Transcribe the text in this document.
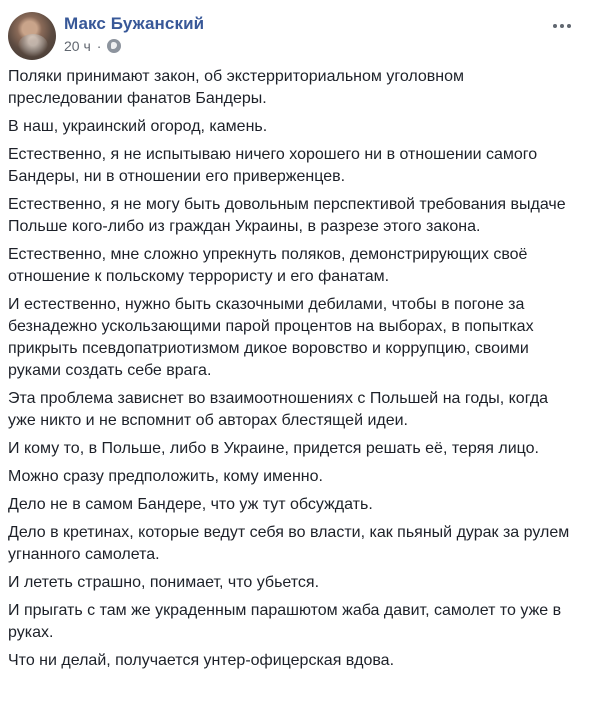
Макс Бужанский
20 ч ·

Поляки принимают закон, об экстерриториальном уголовном преследовании фанатов Бандеры.

В наш, украинский огород, камень.

Естественно, я не испытываю ничего хорошего ни в отношении самого Бандеры, ни в отношении его приверженцев.

Естественно, я не могу быть довольным перспективой требования выдаче Польше кого-либо из граждан Украины, в разрезе этого закона.

Естественно, мне сложно упрекнуть поляков, демонстрирующих своё отношение к польскому террористу и его фанатам.

И естественно, нужно быть сказочными дебилами, чтобы в погоне за безнадежно ускользающими парой процентов на выборах, в попытках прикрыть псевдопатриотизмом дикое воровство и коррупцию, своими руками создать себе врага.

Эта проблема зависнет во взаимоотношениях с Польшей на годы, когда уже никто и не вспомнит об авторах блестящей идеи.

И кому то, в Польше, либо в Украине, придется решать её, теряя лицо.

Можно сразу предположить, кому именно.

Дело не в самом Бандере, что уж тут обсуждать.

Дело в кретинах, которые ведут себя во власти, как пьяный дурак за рулем угнанного самолета.

И лететь страшно, понимает, что убьется.

И прыгать с там же украденным парашютом жаба давит, самолет то уже в руках.

Что ни делай, получается унтер-офицерская вдова.
